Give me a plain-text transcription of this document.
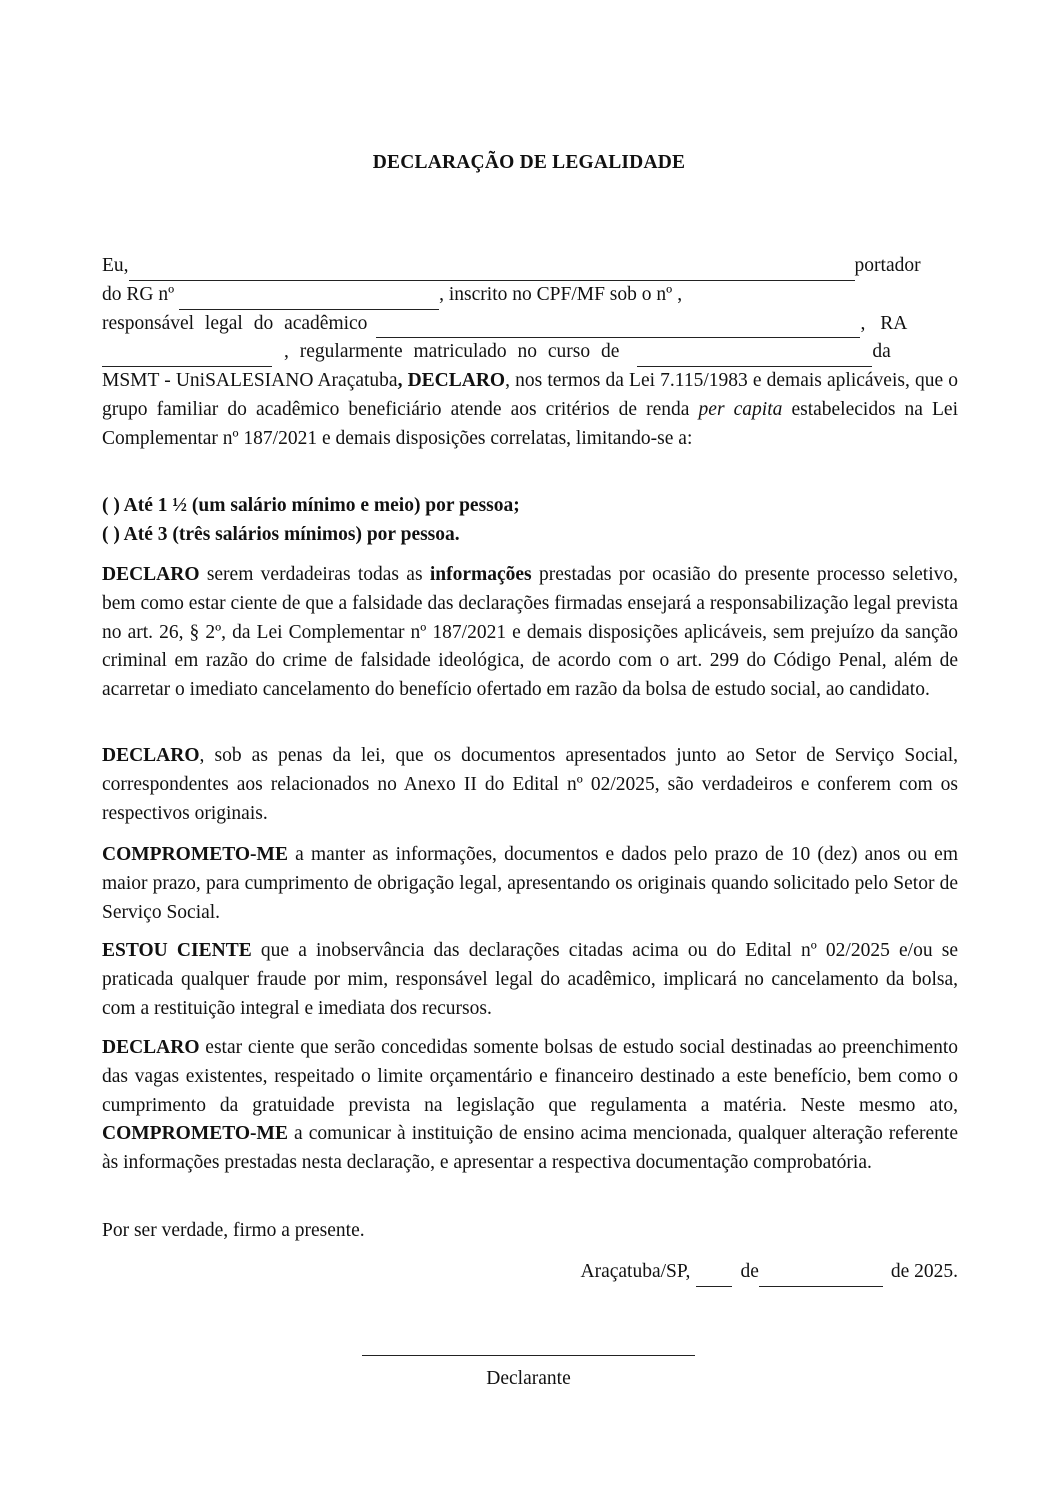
DECLARAÇÃO DE LEGALIDADE
Eu,	portador
do RG nº	, inscrito no CPF/MF sob o nº ,
responsável legal do acadêmico	, RA
, regularmente matriculado no curso de	da
MSMT - UniSALESIANO Araçatuba, DECLARO, nos termos da Lei 7.115/1983 e demais aplicáveis, que o grupo familiar do acadêmico beneficiário atende aos critérios de renda per capita estabelecidos na Lei Complementar nº 187/2021 e demais disposições correlatas, limitando-se a:
( ) Até 1 ½ (um salário mínimo e meio) por pessoa;
( ) Até 3 (três salários mínimos) por pessoa.
DECLARO serem verdadeiras todas as informações prestadas por ocasião do presente processo seletivo, bem como estar ciente de que a falsidade das declarações firmadas ensejará a responsabilização legal prevista no art. 26, § 2º, da Lei Complementar nº 187/2021 e demais disposições aplicáveis, sem prejuízo da sanção criminal em razão do crime de falsidade ideológica, de acordo com o art. 299 do Código Penal, além de acarretar o imediato cancelamento do benefício ofertado em razão da bolsa de estudo social, ao candidato.
DECLARO, sob as penas da lei, que os documentos apresentados junto ao Setor de Serviço Social, correspondentes aos relacionados no Anexo II do Edital nº 02/2025, são verdadeiros e conferem com os respectivos originais.
COMPROMETO-ME a manter as informações, documentos e dados pelo prazo de 10 (dez) anos ou em maior prazo, para cumprimento de obrigação legal, apresentando os originais quando solicitado pelo Setor de Serviço Social.
ESTOU CIENTE que a inobservância das declarações citadas acima ou do Edital nº 02/2025 e/ou se praticada qualquer fraude por mim, responsável legal do acadêmico, implicará no cancelamento da bolsa, com a restituição integral e imediata dos recursos.
DECLARO estar ciente que serão concedidas somente bolsas de estudo social destinadas ao preenchimento das vagas existentes, respeitado o limite orçamentário e financeiro destinado a este benefício, bem como o cumprimento da gratuidade prevista na legislação que regulamenta a matéria. Neste mesmo ato, COMPROMETO-ME a comunicar à instituição de ensino acima mencionada, qualquer alteração referente às informações prestadas nesta declaração, e apresentar a respectiva documentação comprobatória.
Por ser verdade, firmo a presente.
Araçatuba/SP,	de	de 2025.
Declarante
